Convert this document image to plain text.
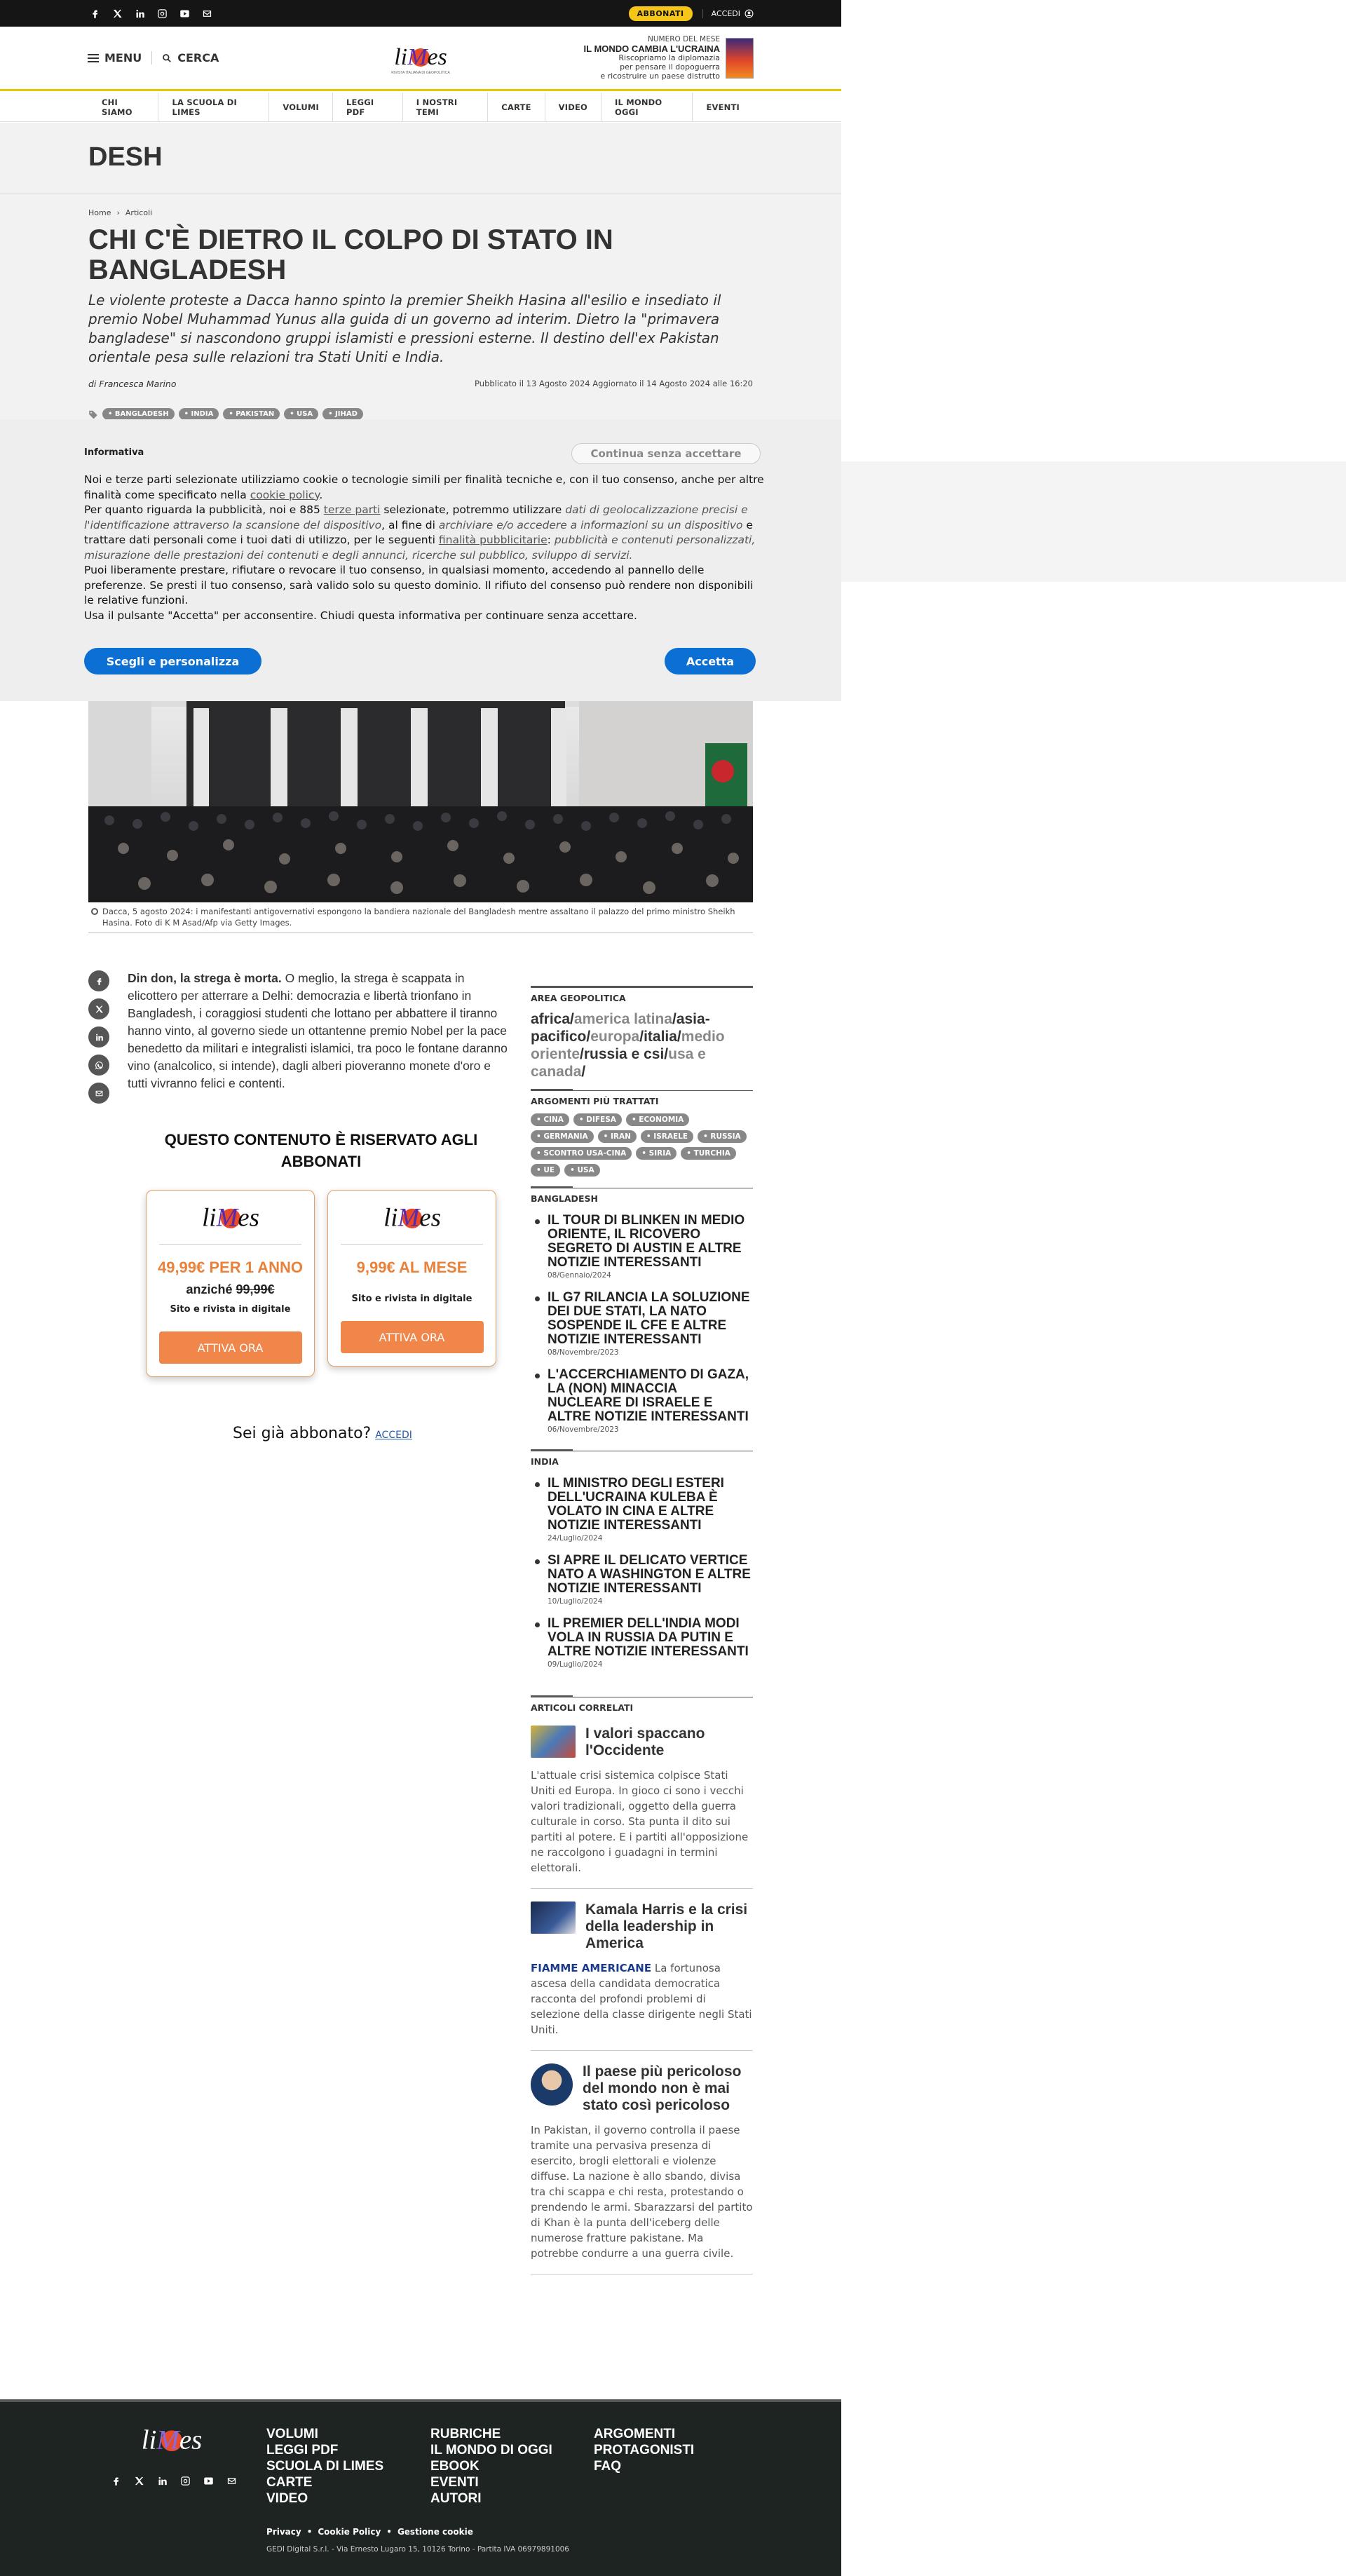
ABBONATI	ACCEDI
MENU	CERCA	liMes
RIVISTA ITALIANA DI GEOPOLITICA
NUMERO DEL MESE
IL MONDO CAMBIA L'UCRAINA
Riscopriamo la diplomazia
per pensare il dopoguerra
e ricostruire un paese distrutto
CHI SIAMO
LA SCUOLA DI LIMES	VOLUMI	LEGGI PDF
I NOSTRI TEMI	CARTE	VIDEO	IL MONDO OGGI	EVENTI
DESH
Home › Articoli
CHI C'È DIETRO IL COLPO DI STATO IN BANGLADESH

Le violente proteste a Dacca hanno spinto la premier Sheikh Hasina all'esilio e insediato il premio Nobel Muhammad Yunus alla guida di un governo ad interim. Dietro la "primavera bangladese" si nascondono gruppi islamisti e pressioni esterne. Il destino dell'ex Pakistan orientale pesa sulle relazioni tra Stati Uniti e India.

di Francesca Marino	Pubblicato il 13 Agosto 2024 Aggiornato il 14 Agosto 2024 alle 16:20
• BANGLADESH	• INDIA	• PAKISTAN	• USA	• JIHAD
Informativa	Continua senza accettare

Noi e terze parti selezionate utilizziamo cookie o tecnologie simili per finalità tecniche e, con il tuo consenso, anche per altre finalità come specificato nella cookie policy.

Per quanto riguarda la pubblicità, noi e 885 terze parti selezionate, potremmo utilizzare dati di geolocalizzazione precisi e l'identificazione attraverso la scansione del dispositivo, al fine di archiviare e/o accedere a informazioni su un dispositivo e trattare dati personali come i tuoi dati di utilizzo, per le seguenti finalità pubblicitarie: pubblicità e contenuti personalizzati, misurazione delle prestazioni dei contenuti e degli annunci, ricerche sul pubblico, sviluppo di servizi.

Puoi liberamente prestare, rifiutare o revocare il tuo consenso, in qualsiasi momento, accedendo al pannello delle preferenze. Se presti il tuo consenso, sarà valido solo su questo dominio. Il rifiuto del consenso può rendere non disponibili le relative funzioni.

Usa il pulsante "Accetta" per acconsentire. Chiudi questa informativa per continuare senza accettare.

Scegli e personalizza	Accetta
Dacca, 5 agosto 2024: i manifestanti antigovernativi espongono la bandiera nazionale del Bangladesh mentre assaltano il palazzo del primo ministro Sheikh Hasina. Foto di K M Asad/Afp via Getty Images.

Din don, la strega è morta. O meglio, la strega è scappata in elicottero per atterrare a Delhi: democrazia e libertà trionfano in Bangladesh, i coraggiosi studenti che lottano per abbattere il tiranno hanno vinto, al governo siede un ottantenne premio Nobel per la pace benedetto da militari e integralisti islamici, tra poco le fontane daranno vino (analcolico, si intende), dagli alberi pioveranno monete d'oro e tutti vivranno felici e contenti.

QUESTO CONTENUTO È RISERVATO AGLI ABBONATI
liMes
49,99€ PER 1 ANNO
anziché 99,99€
Sito e rivista in digitale
ATTIVA ORA
liMes
9,99€ AL MESE
Sito e rivista in digitale
ATTIVA ORA
Sei già abbonato? ACCEDI
AREA GEOPOLITICA
africa/america latina/asia-pacifico/europa/italia/medio oriente/russia e csi/usa e canada/
ARGOMENTI PIÙ TRATTATI
• CINA	• DIFESA	• ECONOMIA
• GERMANIA	• IRAN	• ISRAELE	• RUSSIA
• SCONTRO USA-CINA	• SIRIA	• TURCHIA
• UE	• USA
BANGLADESH
IL TOUR DI BLINKEN IN MEDIO ORIENTE, IL RICOVERO SEGRETO DI AUSTIN E ALTRE NOTIZIE INTERESSANTI
08/Gennaio/2024
IL G7 RILANCIA LA SOLUZIONE DEI DUE STATI, LA NATO SOSPENDE IL CFE E ALTRE NOTIZIE INTERESSANTI
08/Novembre/2023
L'ACCERCHIAMENTO DI GAZA, LA (NON) MINACCIA NUCLEARE DI ISRAELE E ALTRE NOTIZIE INTERESSANTI
06/Novembre/2023
INDIA
IL MINISTRO DEGLI ESTERI DELL'UCRAINA KULEBA È VOLATO IN CINA E ALTRE NOTIZIE INTERESSANTI
24/Luglio/2024
SI APRE IL DELICATO VERTICE NATO A WASHINGTON E ALTRE NOTIZIE INTERESSANTI
10/Luglio/2024
IL PREMIER DELL'INDIA MODI VOLA IN RUSSIA DA PUTIN E ALTRE NOTIZIE INTERESSANTI
09/Luglio/2024
ARTICOLI CORRELATI
I valori spaccano l'Occidente
L'attuale crisi sistemica colpisce Stati Uniti ed Europa. In gioco ci sono i vecchi valori tradizionali, oggetto della guerra culturale in corso. Sta punta il dito sui partiti al potere. E i partiti all'opposizione ne raccolgono i guadagni in termini elettorali.
Kamala Harris e la crisi della leadership in America
FIAMME AMERICANE La fortunosa ascesa della candidata democratica racconta del profondi problemi di selezione della classe dirigente negli Stati Uniti.
Il paese più pericoloso del mondo non è mai stato così pericoloso
In Pakistan, il governo controlla il paese tramite una pervasiva presenza di esercito, brogli elettorali e violenze diffuse. La nazione è allo sbando, divisa tra chi scappa e chi resta, protestando o prendendo le armi. Sbarazzarsi del partito di Khan è la punta dell'iceberg delle numerose fratture pakistane. Ma potrebbe condurre a una guerra civile.
liMes	VOLUMI
LEGGI PDF
SCUOLA DI LIMES
CARTE
VIDEO
RUBRICHE
IL MONDO DI OGGI
EBOOK
EVENTI
AUTORI
ARGOMENTI
PROTAGONISTI
FAQ
Privacy • Cookie Policy • Gestione cookie
GEDI Digital S.r.l. - Via Ernesto Lugaro 15, 10126 Torino - Partita IVA 06979891006
